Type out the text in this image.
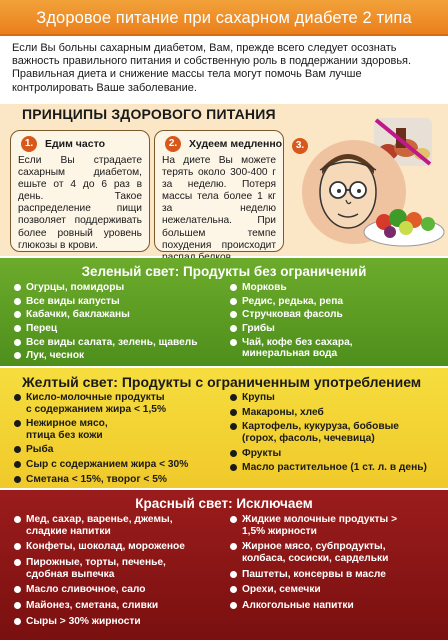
Здоровое питание при сахарном диабете 2 типа

Если Вы больны сахарным диабетом, Вам, прежде всего следует осознать важность правильного питания и собственную роль в поддержании здоровья. Правильная диета и снижение массы тела могут помочь Вам лучше контролировать Ваше заболевание.

ПРИНЦИПЫ ЗДОРОВОГО ПИТАНИЯ
1.	Едим часто

Если Вы страдаете сахарным диабетом, ешьте от 4 до 6 раз в день. Такое распределение пищи позволяет поддерживать более ровный уровень глюкозы в крови.

2.	Худеем медленно

На диете Вы можете терять около 300-400 г за неделю. Потеря массы тела более 1 кг за неделю нежелательна. При большем темпе похудения происходит

3.
Зеленый свет: Продукты без ограничений
Огурцы, помидоры
Все виды капусты
Кабачки, баклажаны
Перец
Все виды салата, зелень, щавель
Лук, чеснок
Морковь
Редис, редька, репа
Стручковая фасоль
Грибы
Чай, кофе без сахара, минеральная вода
Желтый свет: Продукты с ограниченным употреблением
Кисло-молочные продукты с содержанием жира < 1,5%
Нежирное мясо, птица без кожи
Рыба
Сыр с содержанием жира < 30%
Сметана < 15%, творог < 5%
Крупы
Макароны, хлеб
Картофель, кукуруза, бобовые (горох, фасоль, чечевица)
Фрукты
Масло растительное (1 ст. л. в день)
Красный свет: Исключаем
Мед, сахар, варенье, джемы, сладкие напитки
Конфеты, шоколад, мороженое
Пирожные, торты, печенье, сдобная выпечка
Масло сливочное, сало
Майонез, сметана, сливки
Сыры > 30% жирности
Жидкие молочные продукты > 1,5% жирности
Жирное мясо, субпродукты, колбаса, сосиски, сардельки
Паштеты, консервы в масле
Орехи, семечки
Алкогольные напитки
